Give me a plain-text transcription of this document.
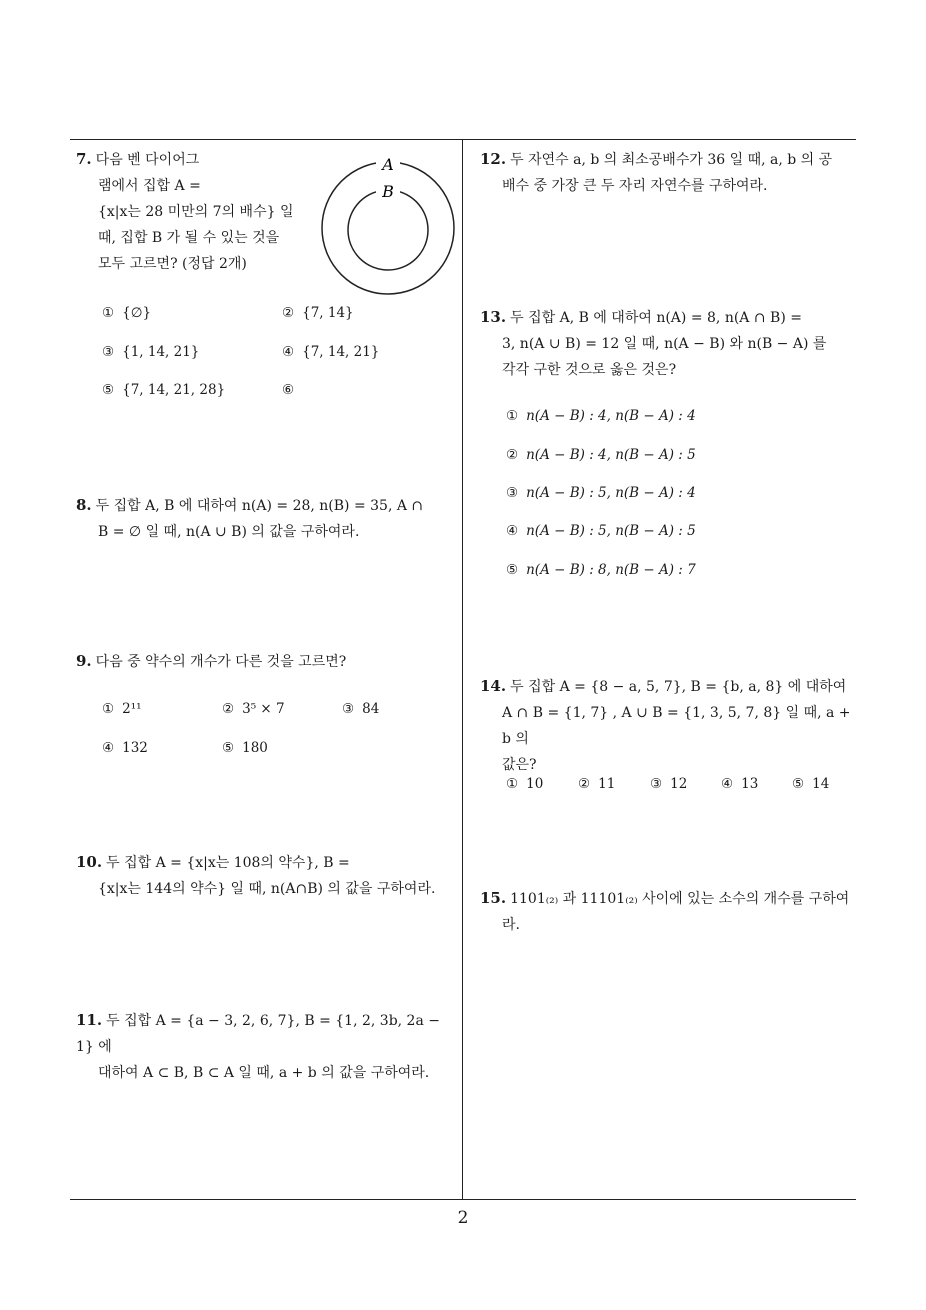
7. 다음 벤 다이어그
램에서 집합 A =
{x|x는 28 미만의 7의 배수} 일
때, 집합 B 가 될 수 있는 것을
모두 고르면? (정답 2개)
A
B
① {∅}	② {7, 14}
③ {1, 14, 21}	④ {7, 14, 21}
⑤ {7, 14, 21, 28}	⑥
8. 두 집합 A, B 에 대하여 n(A) = 28, n(B) = 35, A ∩
B = ∅ 일 때, n(A ∪ B) 의 값을 구하여라.
9. 다음 중 약수의 개수가 다른 것을 고르면?
① 2¹¹	② 3⁵ × 7	③ 84
④ 132	⑤ 180
10. 두 집합 A = {x|x는 108의 약수}, B =
{x|x는 144의 약수} 일 때, n(A∩B) 의 값을 구하여라.
11. 두 집합 A = {a − 3, 2, 6, 7}, B = {1, 2, 3b, 2a − 1} 에
대하여 A ⊂ B, B ⊂ A 일 때, a + b 의 값을 구하여라.
12. 두 자연수 a, b 의 최소공배수가 36 일 때, a, b 의 공
배수 중 가장 큰 두 자리 자연수를 구하여라.
13. 두 집합 A, B 에 대하여 n(A) = 8, n(A ∩ B) =
3, n(A ∪ B) = 12 일 때, n(A − B) 와 n(B − A) 를
각각 구한 것으로 옳은 것은?
① n(A − B) : 4, n(B − A) : 4
② n(A − B) : 4, n(B − A) : 5
③ n(A − B) : 5, n(B − A) : 4
④ n(A − B) : 5, n(B − A) : 5
⑤ n(A − B) : 8, n(B − A) : 7
14. 두 집합 A = {8 − a, 5, 7}, B = {b, a, 8} 에 대하여
A ∩ B = {1, 7} , A ∪ B = {1, 3, 5, 7, 8} 일 때, a + b 의
값은?
① 10	② 11	③ 12 ④ 13 ⑤ 14
15. 1101₍₂₎ 과 11101₍₂₎ 사이에 있는 소수의 개수를 구하여
라.
2
